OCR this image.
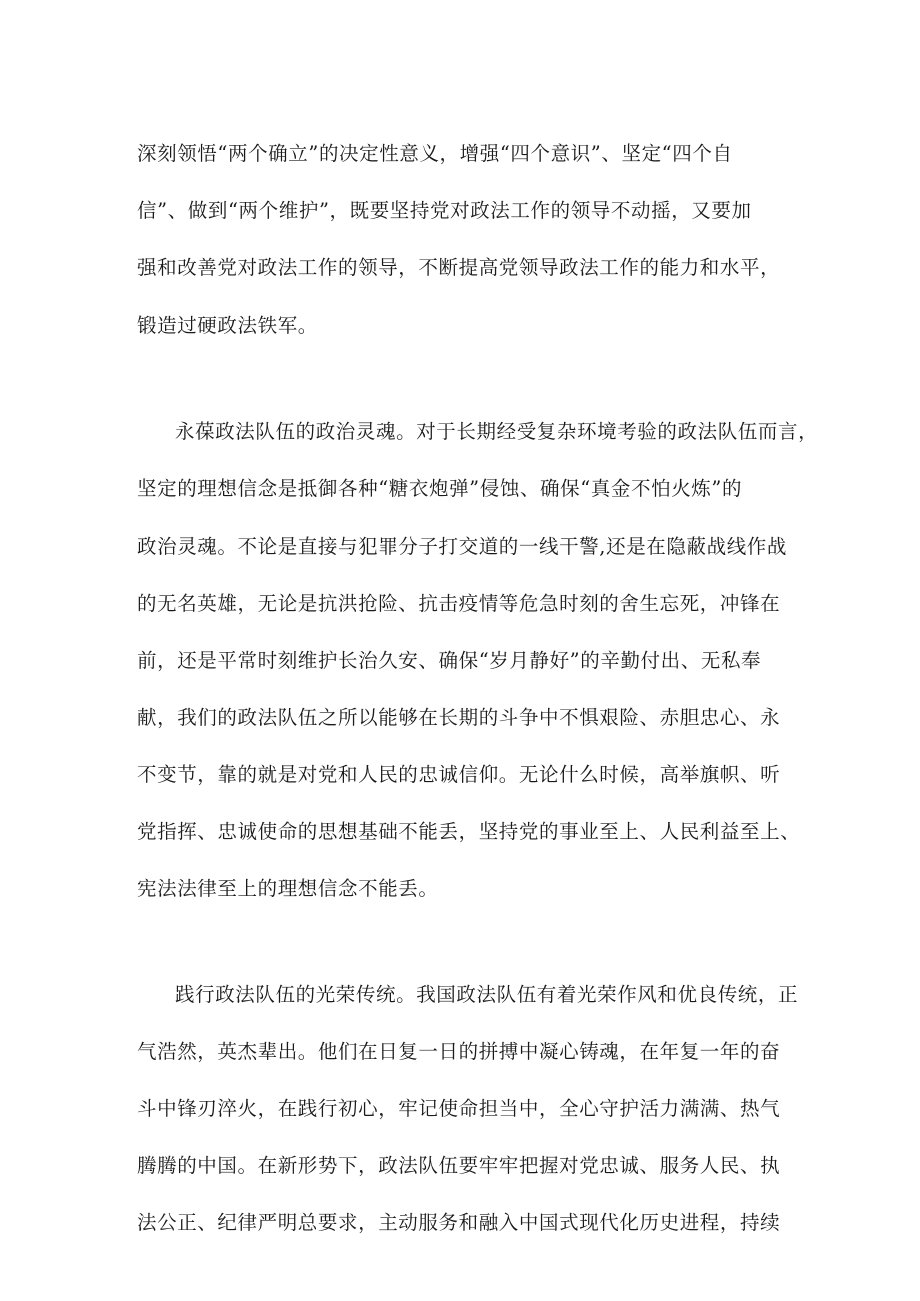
深刻领悟“两个确立”的决定性意义，增强“四个意识”、坚定“四个自

信”、做到“两个维护”，既要坚持党对政法工作的领导不动摇，又要加

强和改善党对政法工作的领导，不断提高党领导政法工作的能力和水平，

锻造过硬政法铁军。

永葆政法队伍的政治灵魂。对于长期经受复杂环境考验的政法队伍而言，

坚定的理想信念是抵御各种“糖衣炮弹”侵蚀、确保“真金不怕火炼”的

政治灵魂。不论是直接与犯罪分子打交道的一线干警,还是在隐蔽战线作战

的无名英雄，无论是抗洪抢险、抗击疫情等危急时刻的舍生忘死，冲锋在

前，还是平常时刻维护长治久安、确保“岁月静好”的辛勤付出、无私奉

献，我们的政法队伍之所以能够在长期的斗争中不惧艰险、赤胆忠心、永

不变节，靠的就是对党和人民的忠诚信仰。无论什么时候，高举旗帜、听

党指挥、忠诚使命的思想基础不能丢，坚持党的事业至上、人民利益至上、

宪法法律至上的理想信念不能丢。

践行政法队伍的光荣传统。我国政法队伍有着光荣作风和优良传统，正

气浩然，英杰辈出。他们在日复一日的拼搏中凝心铸魂，在年复一年的奋

斗中锋刃淬火，在践行初心，牢记使命担当中，全心守护活力满满、热气

腾腾的中国。在新形势下，政法队伍要牢牢把握对党忠诚、服务人民、执

法公正、纪律严明总要求，主动服务和融入中国式现代化历史进程，持续
